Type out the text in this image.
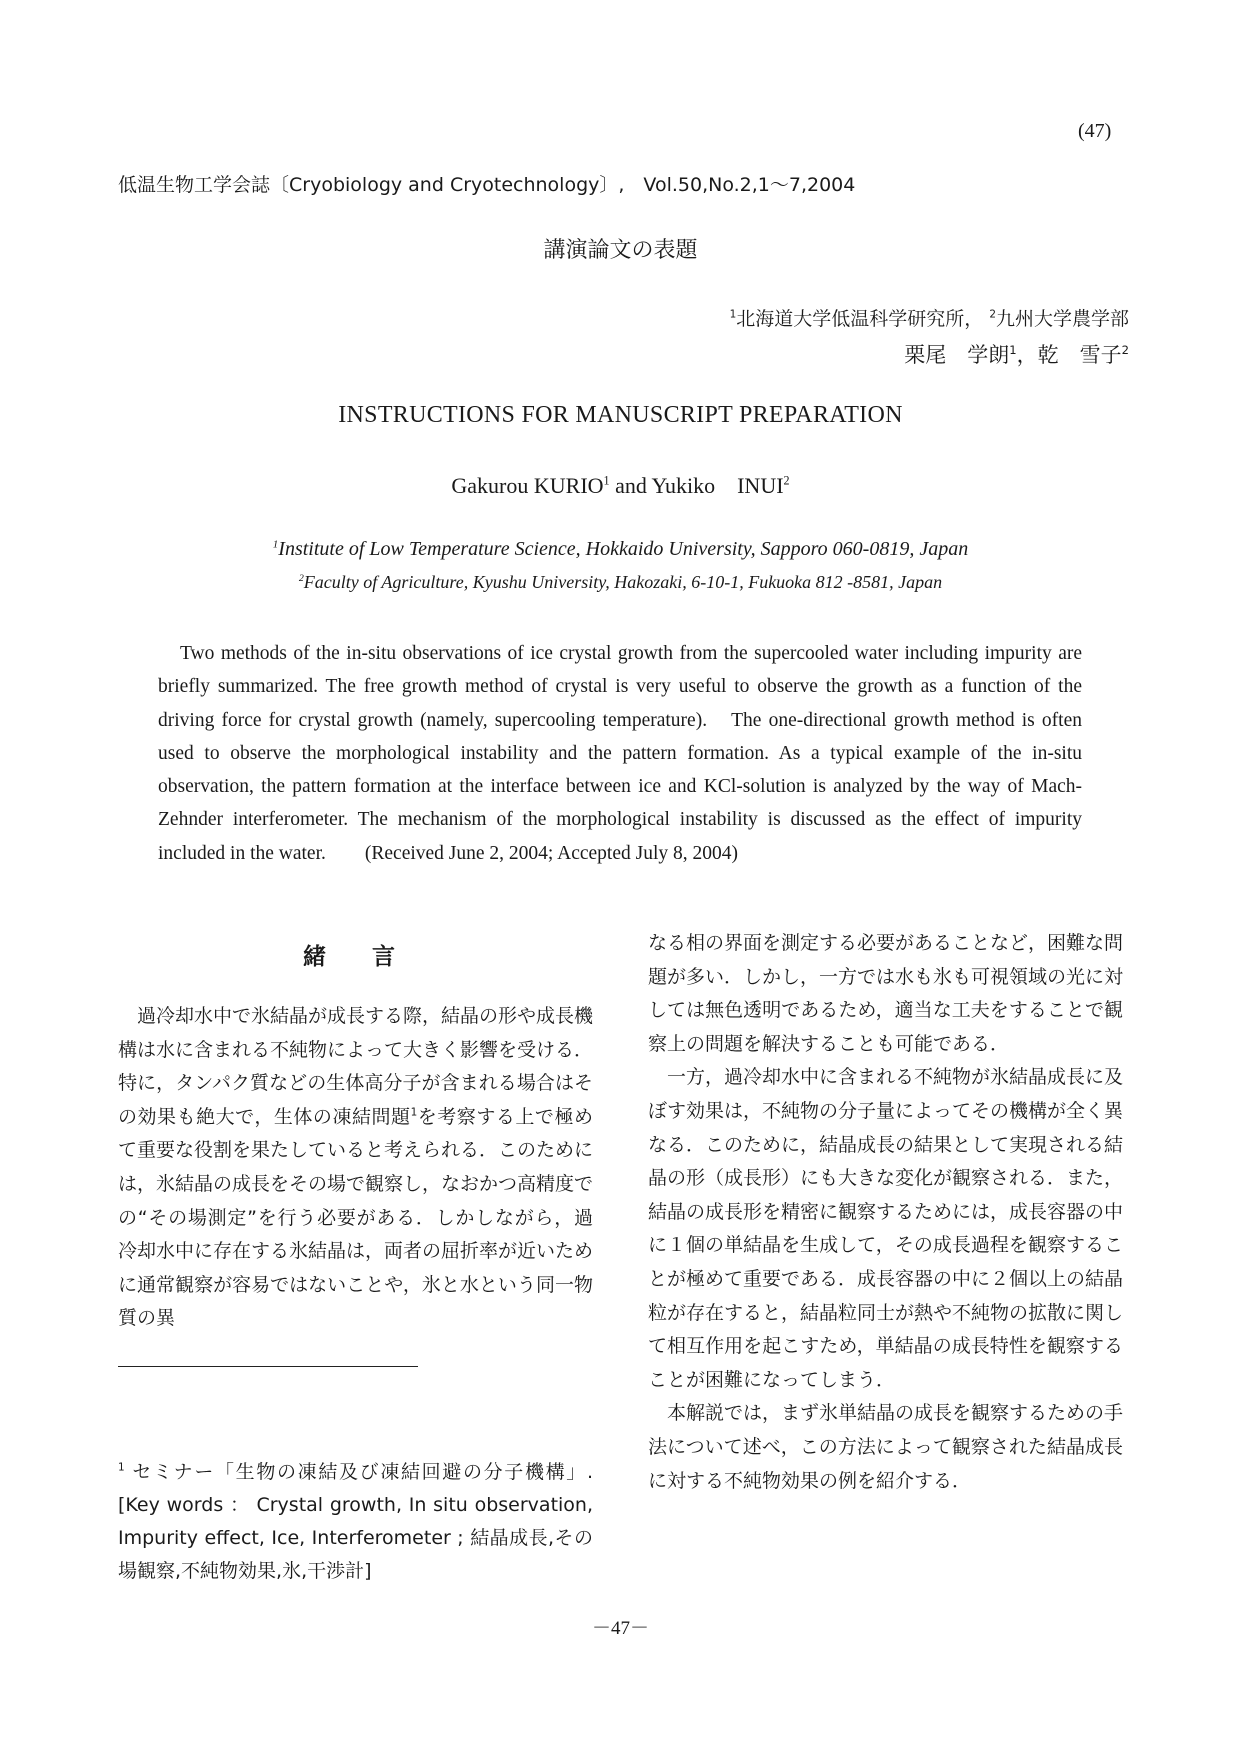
(47)
低温生物工学会誌〔Cryobiology and Cryotechnology〕,　Vol.50,No.2,1～7,2004
講演論文の表題
$^1$北海道大学低温科学研究所， $^2$九州大学農学部
栗尾　学朗$^1$，乾　雪子$^2$
INSTRUCTIONS FOR MANUSCRIPT PREPARATION
Gakurou KURIO$^1$ and Yukiko　INUI$^2$
$^1$Institute of Low Temperature Science, Hokkaido University, Sapporo 060-0819, Japan
$^2$Faculty of Agriculture, Kyushu University, Hakozaki, 6-10-1, Fukuoka 812 -8581, Japan

Two methods of the in-situ observations of ice crystal growth from the supercooled water including impurity are briefly summarized. The free growth method of crystal is very useful to observe the growth as a function of the driving force for crystal growth (namely, supercooling temperature).　The one-directional growth method is often used to observe the morphological instability and the pattern formation. As a typical example of the in-situ observation, the pattern formation at the interface between ice and KCl-solution is analyzed by the way of Mach-Zehnder interferometer. The mechanism of the morphological instability is discussed as the effect of impurity included in the water.　　 (Received June 2, 2004; Accepted July 8, 2004)

緒言

過冷却水中で氷結晶が成長する際，結晶の形や成長機構は水に含まれる不純物によって大きく影響を受ける．特に，タンパク質などの生体高分子が含まれる場合はその効果も絶大で，生体の凍結問題$^1$を考察する上で極めて重要な役割を果たしていると考えられる．このためには，氷結晶の成長をその場で観察し，なおかつ高精度での“その場測定”を行う必要がある．しかしながら，過冷却水中に存在する氷結晶は，両者の屈折率が近いために通常観察が容易ではないことや，氷と水という同一物質の異

$^1$ セミナー「生物の凍結及び凍結回避の分子機構」.[Key words ： Crystal growth, In situ observation, Impurity effect, Ice, Interferometer ; 結晶成長,その場観察,不純物効果,氷,干渉計]

なる相の界面を測定する必要があることなど，困難な問題が多い．しかし，一方では水も氷も可視領域の光に対しては無色透明であるため，適当な工夫をすることで観察上の問題を解決することも可能である．

一方，過冷却水中に含まれる不純物が氷結晶成長に及ぼす効果は，不純物の分子量によってその機構が全く異なる．このために，結晶成長の結果として実現される結晶の形（成長形）にも大きな変化が観察される．また，結晶の成長形を精密に観察するためには，成長容器の中に１個の単結晶を生成して，その成長過程を観察することが極めて重要である．成長容器の中に２個以上の結晶粒が存在すると，結晶粒同士が熱や不純物の拡散に関して相互作用を起こすため，単結晶の成長特性を観察することが困難になってしまう．

本解説では，まず氷単結晶の成長を観察するための手法について述べ，この方法によって観察された結晶成長に対する不純物効果の例を紹介する．

－47－
